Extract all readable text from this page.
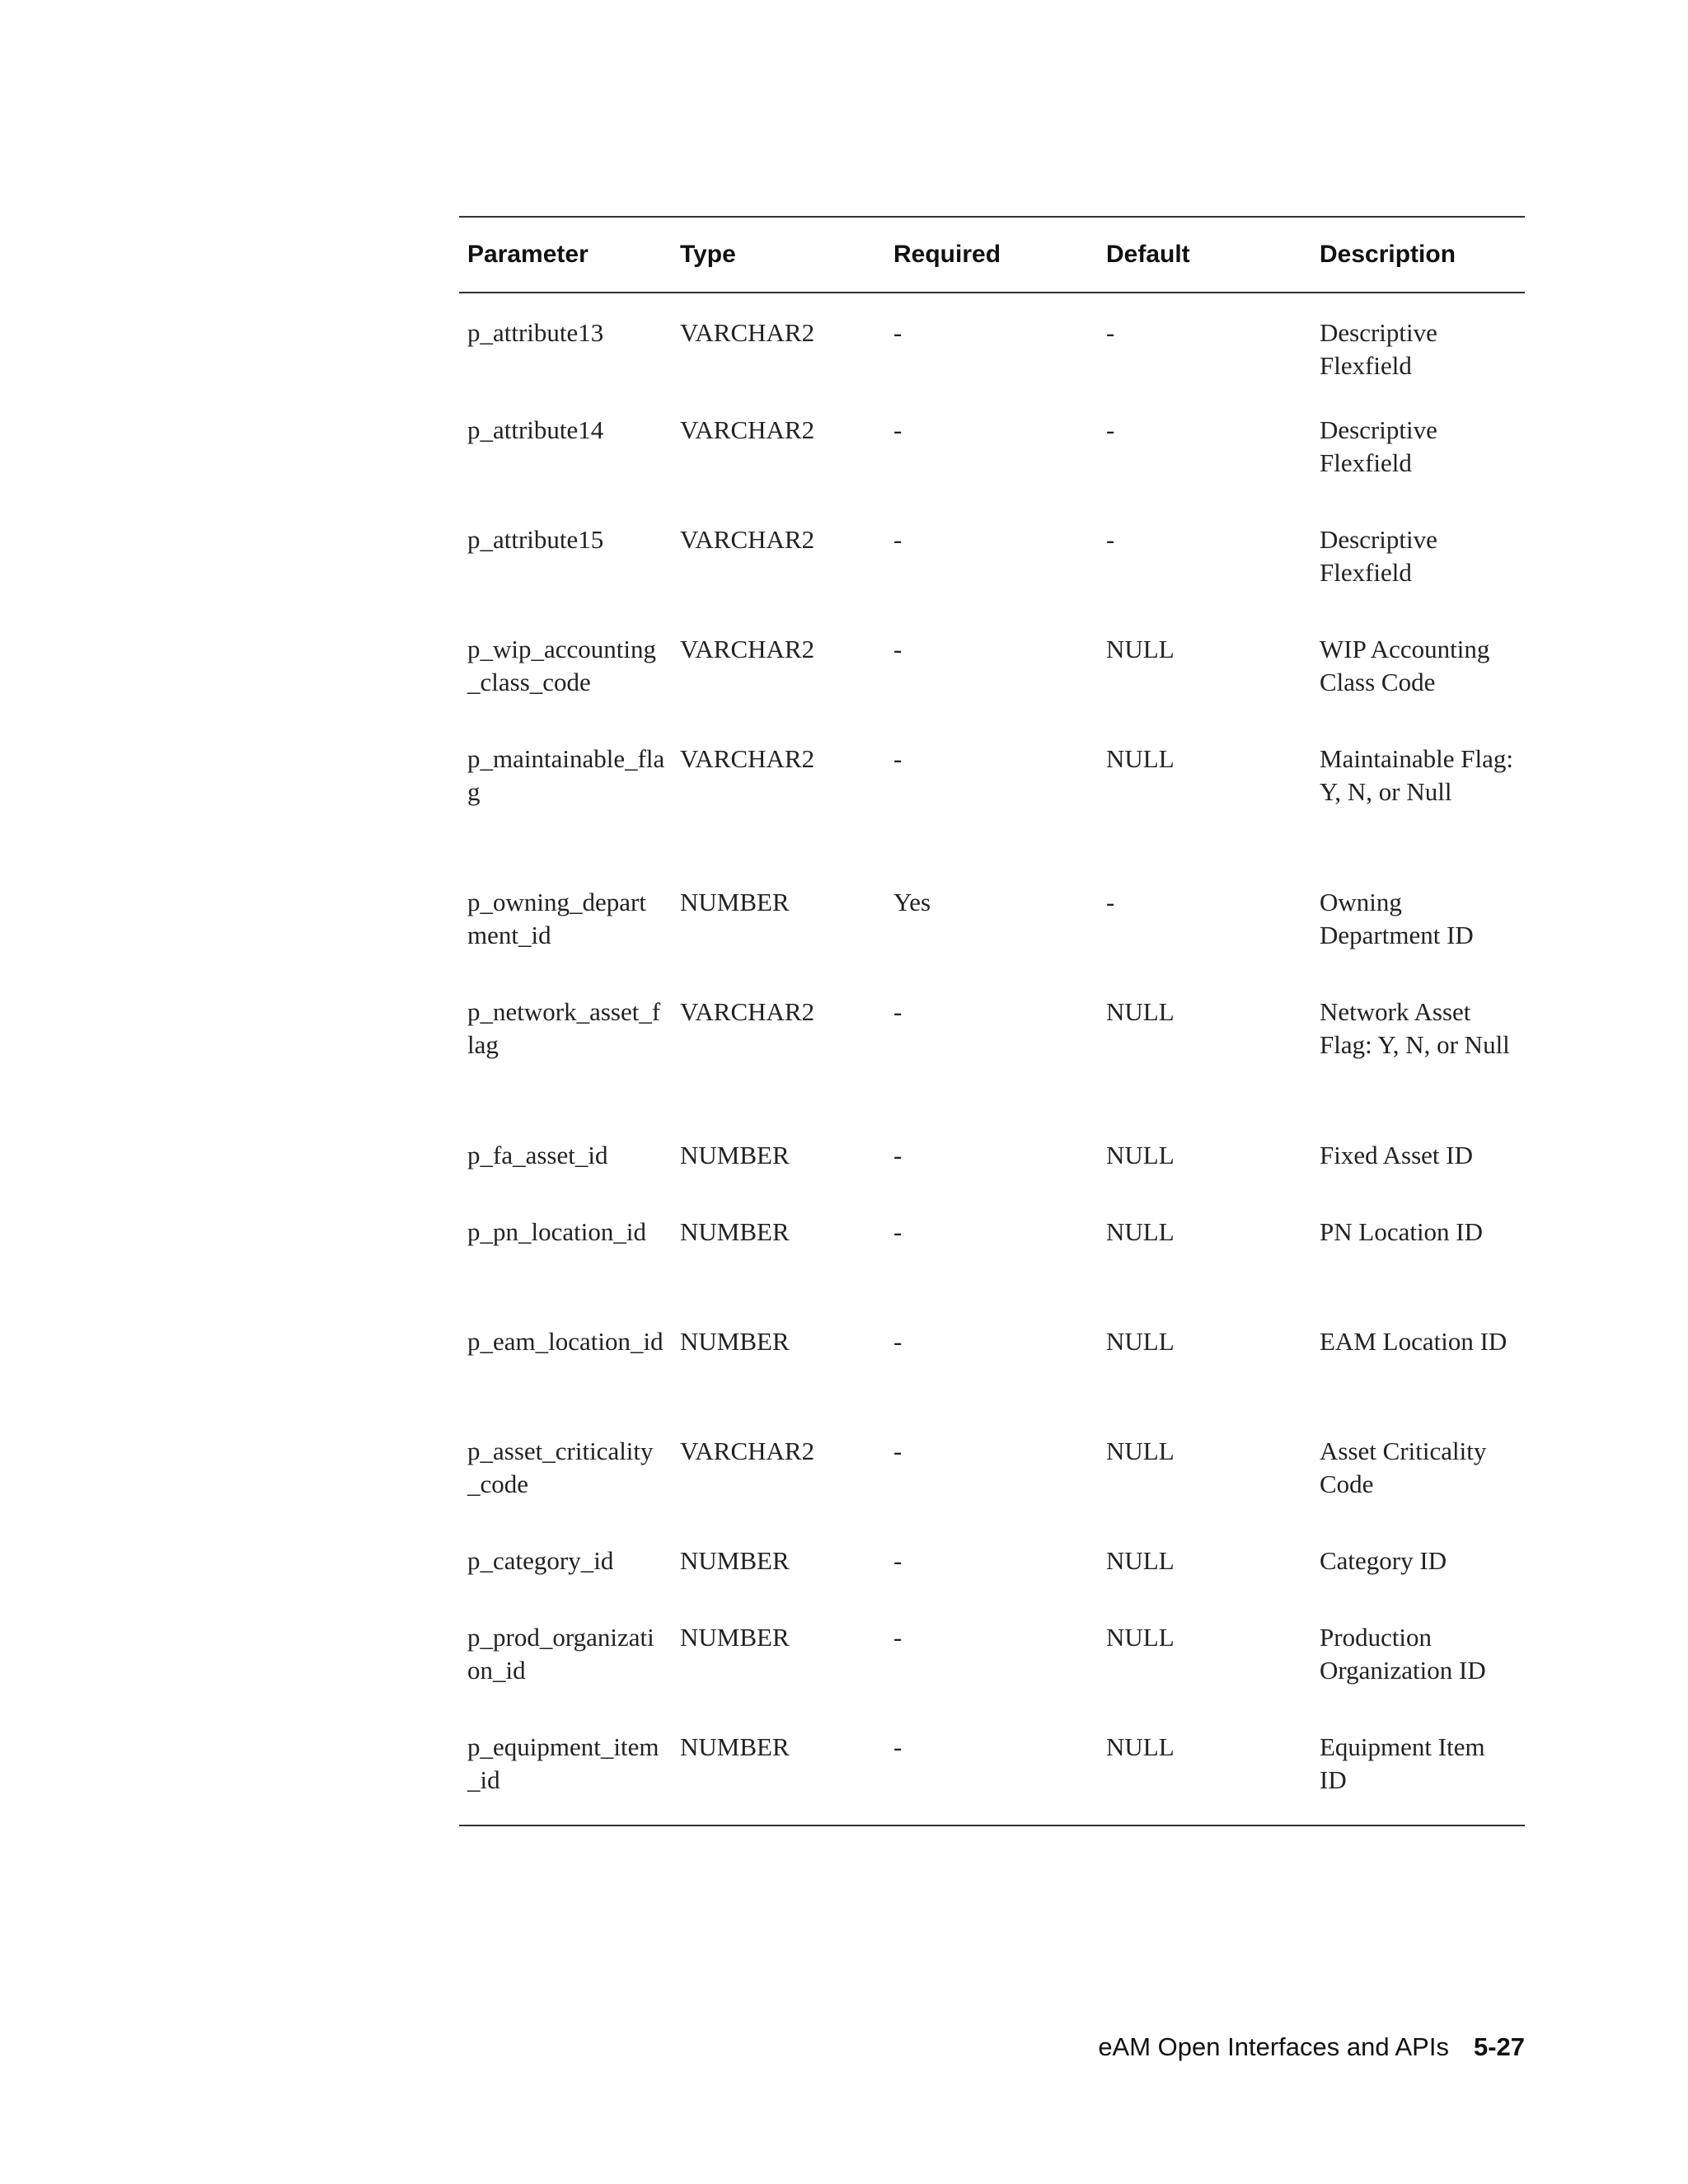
Parameter	Type	Required	Default	Description
p_attribute13	VARCHAR2	-	-	Descriptive Flexfield
p_attribute14	VARCHAR2	-	-	Descriptive Flexfield
p_attribute15	VARCHAR2	-	-	Descriptive Flexfield
p_wip_accounting_class_code	VARCHAR2	-	NULL	WIP Accounting Class Code
p_maintainable_flag	VARCHAR2	-	NULL	Maintainable Flag: Y, N, or Null
p_owning_department_id	NUMBER	Yes	-	Owning Department ID
p_network_asset_flag	VARCHAR2	-	NULL	Network Asset Flag: Y, N, or Null
p_fa_asset_id	NUMBER	-	NULL	Fixed Asset ID
p_pn_location_id	NUMBER	-	NULL	PN Location ID
p_eam_location_id	NUMBER	-	NULL	EAM Location ID
p_asset_criticality_code	VARCHAR2	-	NULL	Asset Criticality Code
p_category_id	NUMBER	-	NULL	Category ID
p_prod_organization_id	NUMBER	-	NULL	Production Organization ID
p_equipment_item_id	NUMBER	-	NULL	Equipment Item ID
eAM Open Interfaces and APIs 5-27
